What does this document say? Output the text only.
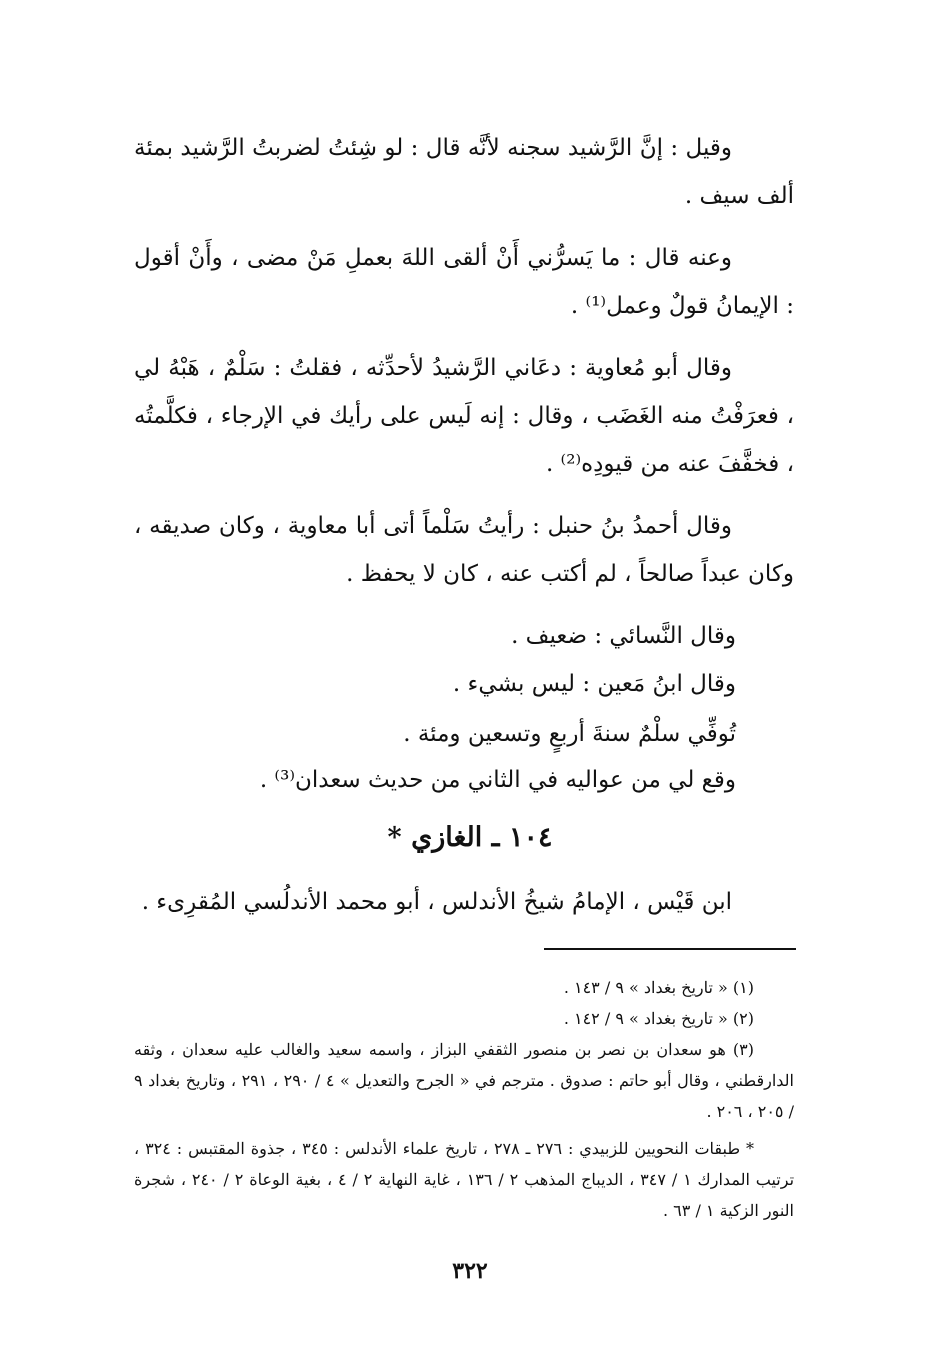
وقيل : إنَّ الرَّشيد سجنه لأنَّه قال : لو شِئتُ لضربتُ الرَّشيد بمئة ألف سيف .

وعنه قال : ما يَسرُّني أَنْ ألقى اللهَ بعملِ مَنْ مضى ، وأَنْ أقول : الإيمانُ قولٌ وعمل⁽¹⁾ .

وقال أبو مُعاوية : دعَاني الرَّشيدُ لأحدِّثه ، فقلتُ : سَلْمٌ ، هَبْهُ لي ، فعرَفْتُ منه الغَضَب ، وقال : إنه لَيس على رأيك في الإرجاء ، فكلَّمتُه ، فخفَّفَ عنه من قيودِه⁽²⁾ .

وقال أحمدُ بنُ حنبل : رأيتُ سَلْماً أتى أبا معاوية ، وكان صديقه ، وكان عبداً صالحاً ، لم أكتب عنه ، كان لا يحفظ .

وقال النَّسائي : ضعيف .
وقال ابنُ مَعين : ليس بشيء .
تُوفِّي سلْمٌ سنةَ أربعٍ وتسعين ومئة .
وقع لي من عواليه في الثاني من حديث سعدان⁽³⁾ .
١٠٤ ـ الغازي *

ابن قَيْس ، الإمامُ شيخُ الأندلس ، أبو محمد الأندلُسي المُقرِىء .

(١) « تاريخ بغداد » ٩ / ١٤٣ .

(٢) « تاريخ بغداد » ٩ / ١٤٢ .

(٣) هو سعدان بن نصر بن منصور الثقفي البزاز ، واسمه سعيد والغالب عليه سعدان ، وثقه الدارقطني ، وقال أبو حاتم : صدوق . مترجم في « الجرح والتعديل » ٤ / ٢٩٠ ، ٢٩١ ، وتاريخ بغداد ٩ / ٢٠٥ ، ٢٠٦ .

* طبقات النحويين للزبيدي : ٢٧٦ ـ ٢٧٨ ، تاريخ علماء الأندلس : ٣٤٥ ، جذوة المقتبس : ٣٢٤ ، ترتيب المدارك ١ / ٣٤٧ ، الديباج المذهب ٢ / ١٣٦ ، غاية النهاية ٢ / ٤ ، بغية الوعاة ٢ / ٢٤٠ ، شجرة النور الزكية ١ / ٦٣ .

٣٢٢
